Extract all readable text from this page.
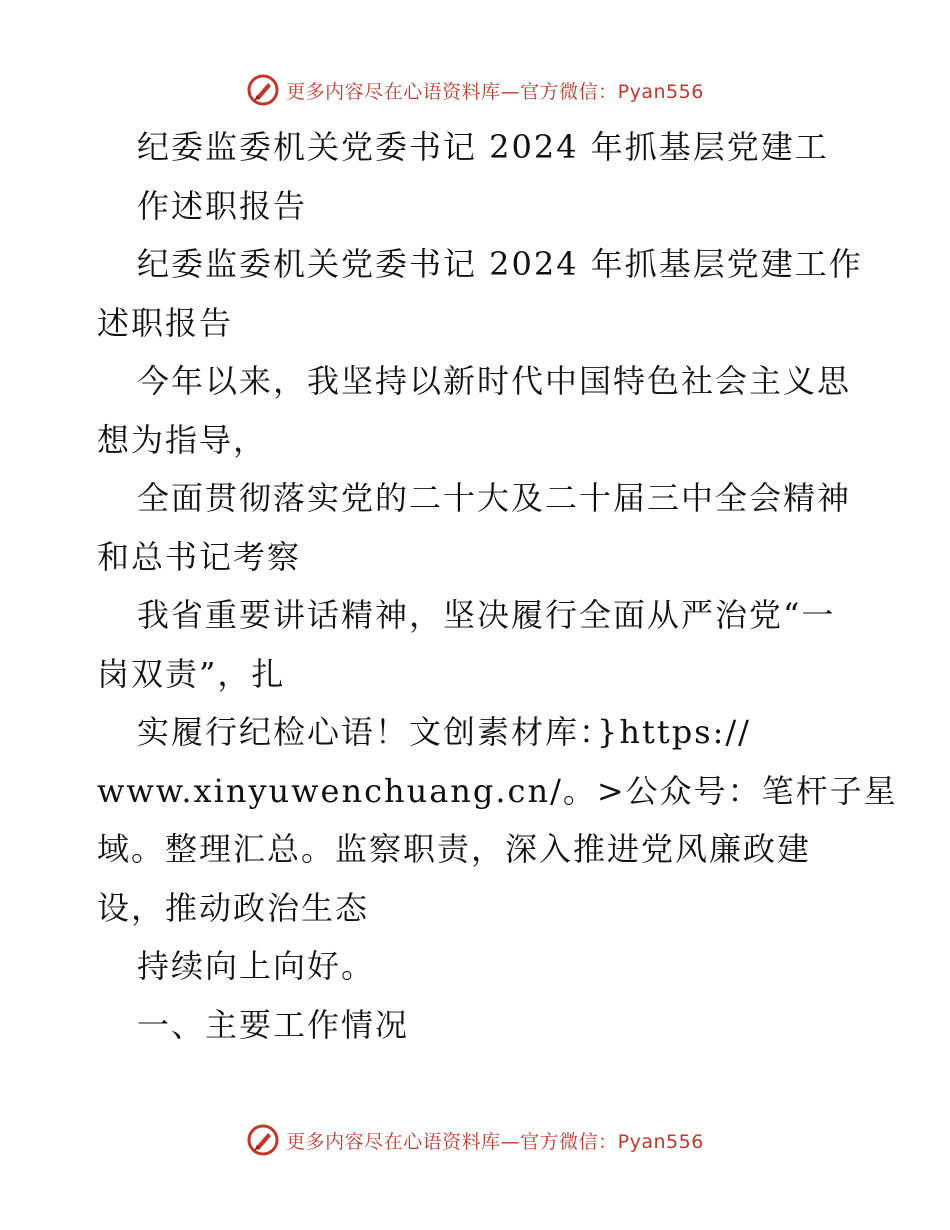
更多内容尽在心语资料库—官方微信：Pyan556
纪委监委机关党委书记 2024 年抓基层党建工
作述职报告
纪委监委机关党委书记 2024 年抓基层党建工作
述职报告
今年以来，我坚持以新时代中国特色社会主义思
想为指导，
全面贯彻落实党的二十大及二十届三中全会精神
和总书记考察
我省重要讲话精神，坚决履行全面从严治党“一
岗双责”，扎
实履行纪检心语！文创素材库：}https://
www.xinyuwenchuang.cn/。>公众号：笔杆子星
域。整理汇总。监察职责，深入推进党风廉政建
设，推动政治生态
持续向上向好。
一、主要工作情况
更多内容尽在心语资料库—官方微信：Pyan556
